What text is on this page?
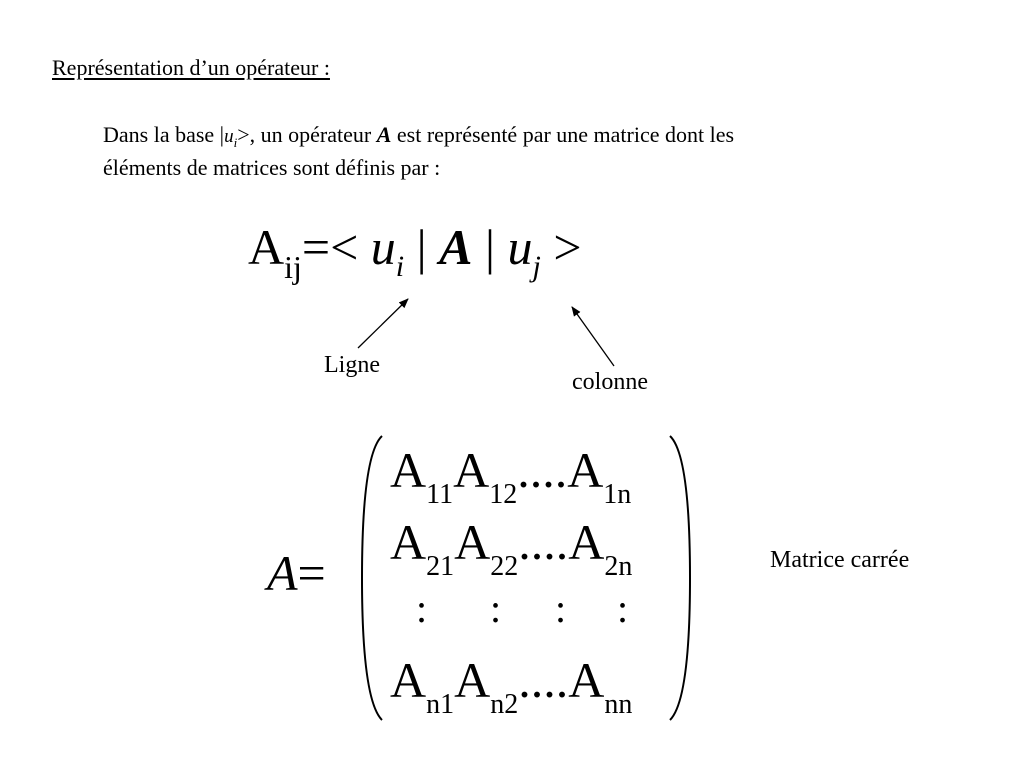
Représentation d’un opérateur :
Dans la base $|u_i>$, un opérateur A est représenté par une matrice dont les
éléments de matrices sont définis par :
$A_{ij}=< u_i$ | A | $u_j$ >
Ligne
colonne
A=
$A_{11}A_{12}....A_{1n}$
$A_{21}A_{22}....A_{2n}$
: : : :
$A_{n1}A_{n2}....A_{nn}$
Matrice carrée
